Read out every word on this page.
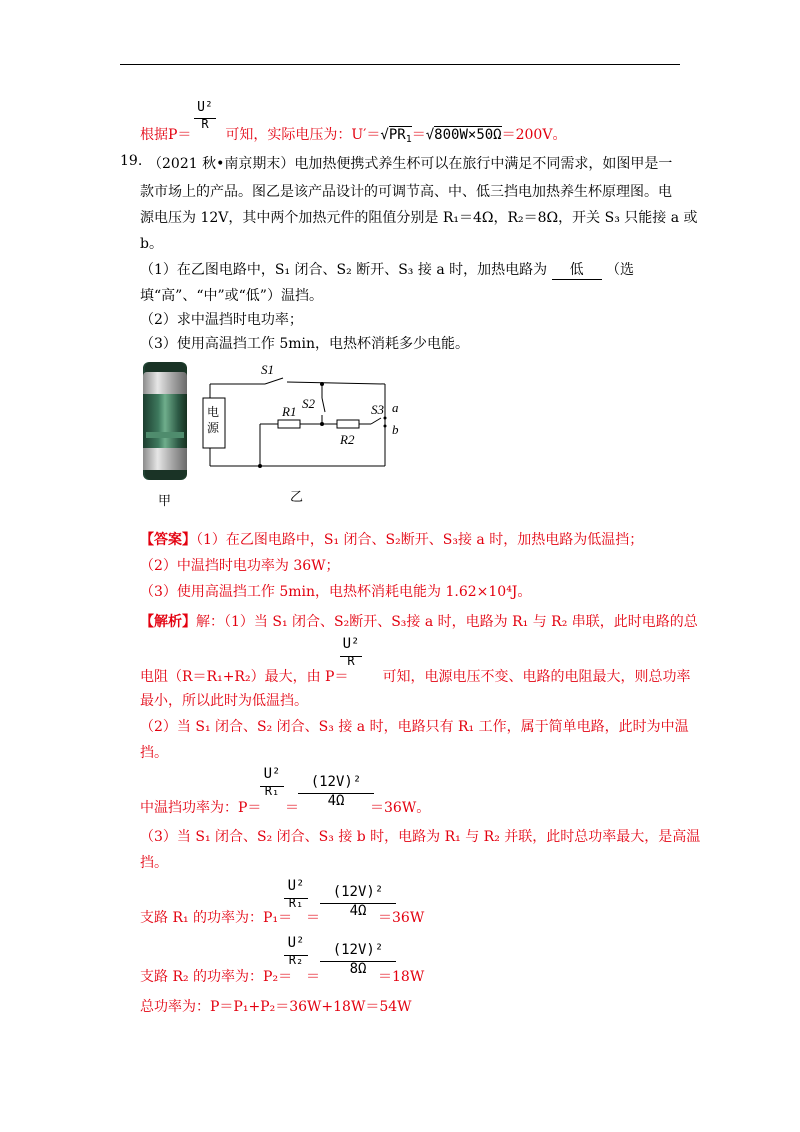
U²
R
根据P＝ 可知，实际电压为：$U'=√PR_1=√800W\times 50\Omega=200V$。
19. （2021 秋•南京期末）电加热便携式养生杯可以在旅行中满足不同需求，如图甲是一
款市场上的产品。图乙是该产品设计的可调节高、中、低三挡电加热养生杯原理图。电
源电压为 12V，其中两个加热元件的阻值分别是 R₁＝4Ω，R₂＝8Ω，开关 S₃ 只能接 a 或
b。
（1）在乙图电路中，S₁ 闭合、S₂ 断开、S₃ 接 a 时，加热电路为 低 （选
填“高”、“中”或“低”）温挡。
（2）求中温挡时电功率；
（3）使用高温挡工作 5min，电热杯消耗多少电能。
甲
S1
S2	S3
R1
R2
a
b
电源
乙
【答案】（1）在乙图电路中，S₁ 闭合、S₂断开、S₃接 a 时，加热电路为低温挡；
（2）中温挡时电功率为 36W；
（3）使用高温挡工作 5min，电热杯消耗电能为 1.62×10⁴J。
【解析】解：（1）当 S₁ 闭合、S₂断开、S₃接 a 时，电路为 R₁ 与 R₂ 串联，此时电路的总
U²
R
电阻（R＝R₁+R₂）最大，由 P＝ 可知，电源电压不变、电路的电阻最大，则总功率
最小，所以此时为低温挡。
（2）当 S₁ 闭合、S₂ 闭合、S₃ 接 a 时，电路只有 R₁ 工作，属于简单电路，此时为中温
挡。
U²
R₁
(12V)²
4Ω
中温挡功率为：P＝ ＝	＝36W。
（3）当 S₁ 闭合、S₂ 闭合、S₃ 接 b 时，电路为 R₁ 与 R₂ 并联，此时总功率最大，是高温
挡。
U²
R₁
(12V)²
4Ω
支路 R₁ 的功率为：P₁＝ ＝	＝36W
U²
R₂
(12V)²
8Ω
支路 R₂ 的功率为：P₂＝ ＝	＝18W
总功率为：P＝P₁+P₂＝36W+18W＝54W
